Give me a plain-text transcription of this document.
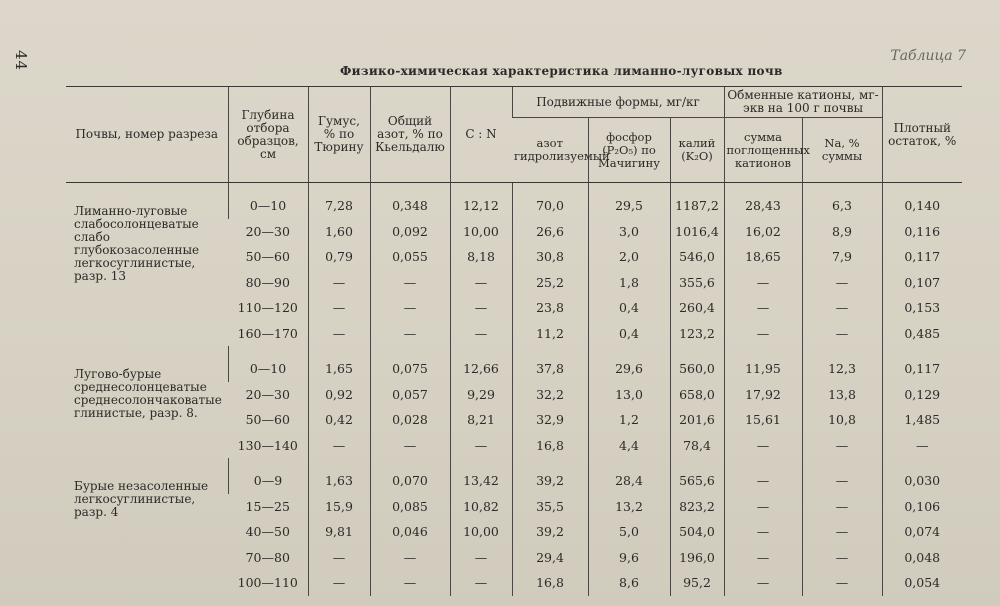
44	Таблица 7
Физико-химическая характеристика лиманно-луговых почв
Почвы, номер разреза	Глубина отбора образцов, см	Гумус, % по Тюрину	Общий азот, % по Кьельдалю	C : N	Подвижные формы, мг/кг			Обменные катионы, мг-экв на 100 г почвы		Плотный остаток, %
					азот гидролизуемый	фосфор (P₂O₅) по Мачигину	калий (K₂O)	сумма поглощенных катионов	Na, % суммы	

Лиманно-луговые слабосолонцеватые слабо глубокозасоленные легкосуглинистые, разр. 13	0—10	7,28	0,348	12,12	70,0	29,5	1187,2	28,43	6,3	0,140
	20—30	1,60	0,092	10,00	26,6	3,0	1016,4	16,02	8,9	0,116
	50—60	0,79	0,055	8,18	30,8	2,0	546,0	18,65	7,9	0,117
	80—90	—	—	—	25,2	1,8	355,6	—	—	0,107
	110—120	—	—	—	23,8	0,4	260,4	—	—	0,153
	160—170	—	—	—	11,2	0,4	123,2	—	—	0,485

Лугово-бурые среднесолонцеватые среднесолончаковатые глинистые, разр. 8.	0—10	1,65	0,075	12,66	37,8	29,6	560,0	11,95	12,3	0,117
	20—30	0,92	0,057	9,29	32,2	13,0	658,0	17,92	13,8	0,129
	50—60	0,42	0,028	8,21	32,9	1,2	201,6	15,61	10,8	1,485
	130—140	—	—	—	16,8	4,4	78,4	—	—	—

Бурые незасоленные легкосуглинистые, разр. 4	0—9	1,63	0,070	13,42	39,2	28,4	565,6	—	—	0,030
	15—25	15,9	0,085	10,82	35,5	13,2	823,2	—	—	0,106
	40—50	9,81	0,046	10,00	39,2	5,0	504,0	—	—	0,074
	70—80	—	—	—	29,4	9,6	196,0	—	—	0,048
	100—110	—	—	—	16,8	8,6	95,2	—	—	0,054
